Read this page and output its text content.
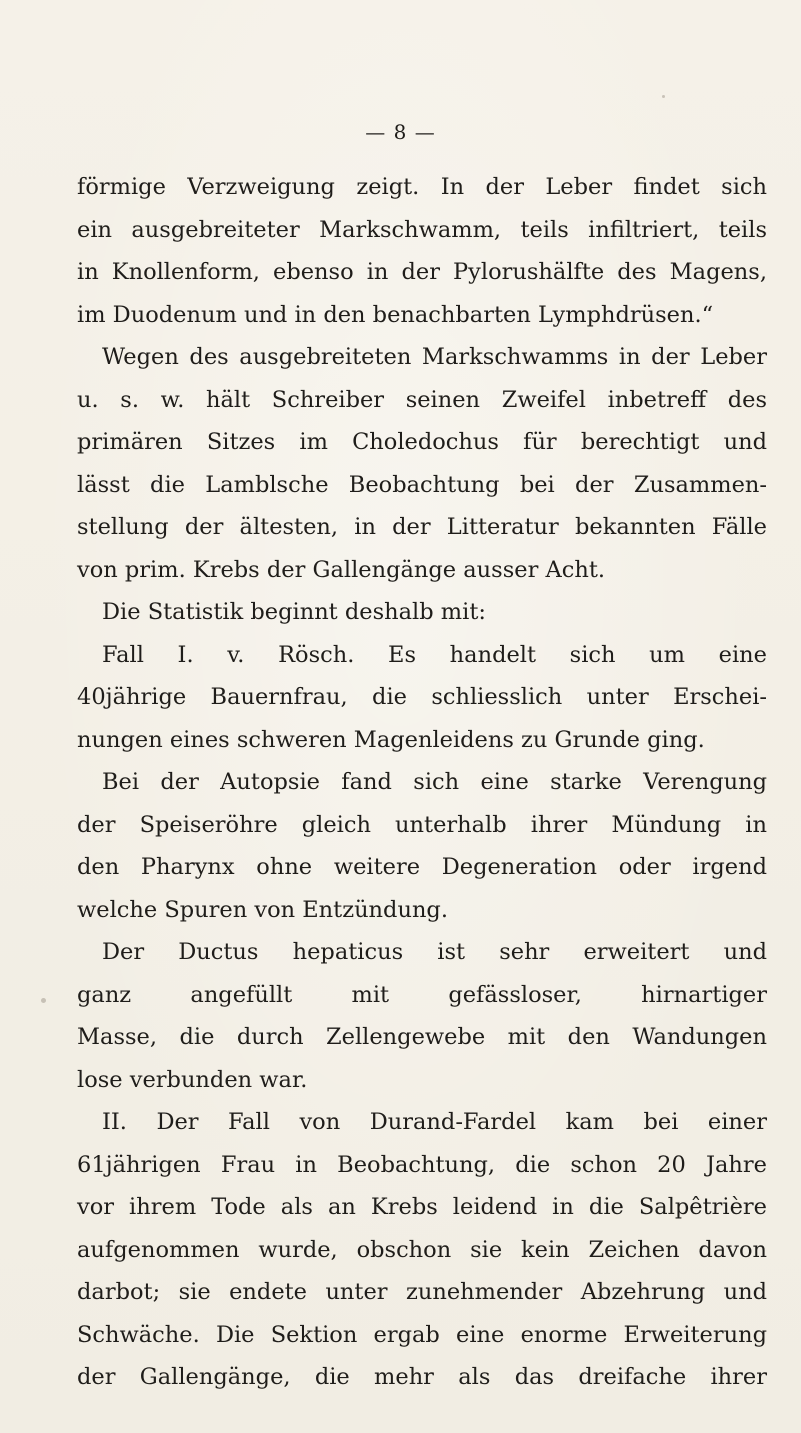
— 8 —
förmige Verzweigung zeigt. In der Leber findet sich
ein ausgebreiteter Markschwamm, teils infiltriert, teils
in Knollenform, ebenso in der Pylorushälfte des Magens,
im Duodenum und in den benachbarten Lymphdrüsen.“
Wegen des ausgebreiteten Markschwamms in der Leber
u. s. w. hält Schreiber seinen Zweifel inbetreff des
primären Sitzes im Choledochus für berechtigt und
lässt die Lamblsche Beobachtung bei der Zusammen-
stellung der ältesten, in der Litteratur bekannten Fälle
von prim. Krebs der Gallengänge ausser Acht.
Die Statistik beginnt deshalb mit:
Fall I. v. Rösch. Es handelt sich um eine
40jährige Bauernfrau, die schliesslich unter Erschei-
nungen eines schweren Magenleidens zu Grunde ging.
Bei der Autopsie fand sich eine starke Verengung
der Speiseröhre gleich unterhalb ihrer Mündung in
den Pharynx ohne weitere Degeneration oder irgend
welche Spuren von Entzündung.
Der Ductus hepaticus ist sehr erweitert und
ganz angefüllt mit gefässloser, hirnartiger
Masse, die durch Zellengewebe mit den Wandungen
lose verbunden war.
II. Der Fall von Durand-Fardel kam bei einer
61jährigen Frau in Beobachtung, die schon 20 Jahre
vor ihrem Tode als an Krebs leidend in die Salpêtrière
aufgenommen wurde, obschon sie kein Zeichen davon
darbot; sie endete unter zunehmender Abzehrung und
Schwäche. Die Sektion ergab eine enorme Erweiterung
der Gallengänge, die mehr als das dreifache ihrer
